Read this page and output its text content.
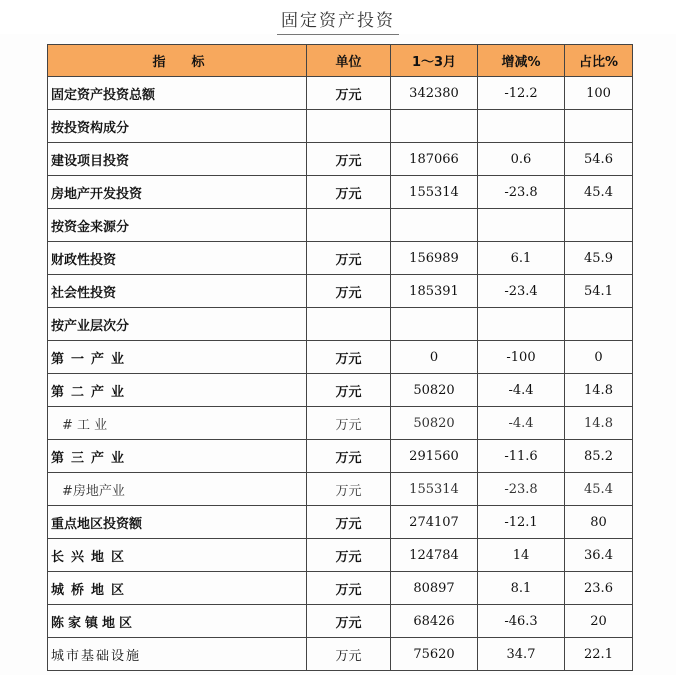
固定资产投资
指　　标	单位	1～3月	增减%	占比%
固定资产投资总额	万元	342380	-12.2	100
按投资构成分				
建设项目投资	万元	187066	0.6	54.6
房地产开发投资	万元	155314	-23.8	45.4
按资金来源分				
财政性投资	万元	156989	6.1	45.9
社会性投资	万元	185391	-23.4	54.1
按产业层次分				
第一产业	万元	0	-100	0
第二产业	万元	50820	-4.4	14.8
# 工 业	万元	50820	-4.4	14.8
第三产业	万元	291560	-11.6	85.2
#房地产业	万元	155314	-23.8	45.4
重点地区投资额	万元	274107	-12.1	80
长兴地区	万元	124784	14	36.4
城桥地区	万元	80897	8.1	23.6
陈家镇地区	万元	68426	-46.3	20
城市基础设施	万元	75620	34.7	22.1
